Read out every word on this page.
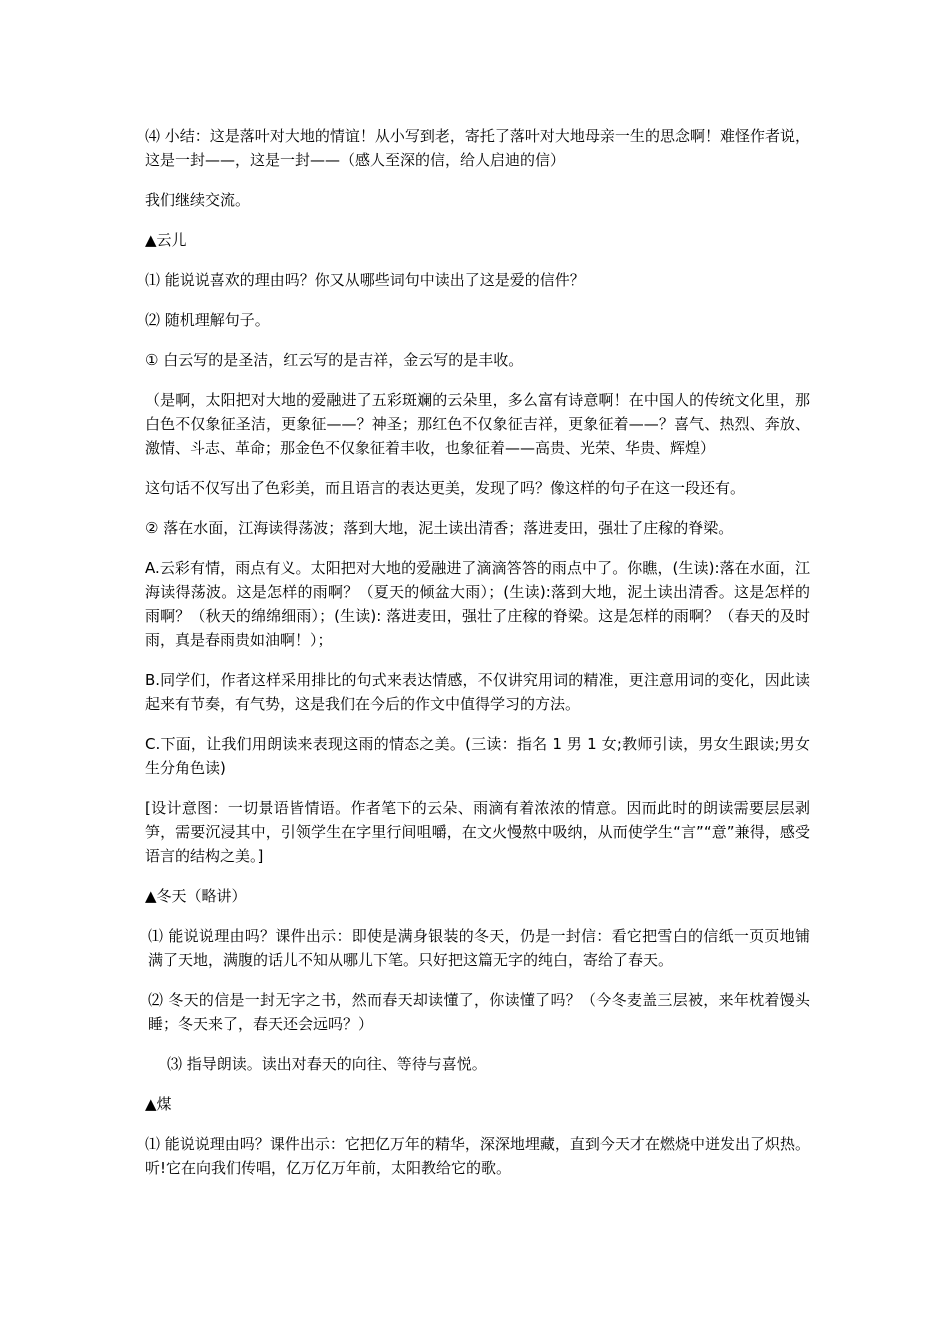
⑷ 小结：这是落叶对大地的情谊！从小写到老，寄托了落叶对大地母亲一生的思念啊！难怪作者说，这是一封——，这是一封——（感人至深的信，给人启迪的信）

我们继续交流。

▲云儿

⑴ 能说说喜欢的理由吗？你又从哪些词句中读出了这是爱的信件？

⑵ 随机理解句子。

① 白云写的是圣洁，红云写的是吉祥，金云写的是丰收。

（是啊，太阳把对大地的爱融进了五彩斑斓的云朵里，多么富有诗意啊！在中国人的传统文化里，那白色不仅象征圣洁，更象征——？神圣；那红色不仅象征吉祥，更象征着——？喜气、热烈、奔放、激情、斗志、革命；那金色不仅象征着丰收，也象征着——高贵、光荣、华贵、辉煌）

这句话不仅写出了色彩美，而且语言的表达更美，发现了吗？像这样的句子在这一段还有。

② 落在水面，江海读得荡波；落到大地，泥土读出清香；落进麦田，强壮了庄稼的脊梁。

A.云彩有情，雨点有义。太阳把对大地的爱融进了滴滴答答的雨点中了。你瞧，(生读):落在水面，江海读得荡波。这是怎样的雨啊？（夏天的倾盆大雨）；(生读):落到大地，泥土读出清香。这是怎样的雨啊？（秋天的绵绵细雨）；(生读): 落进麦田，强壮了庄稼的脊梁。这是怎样的雨啊？（春天的及时雨，真是春雨贵如油啊！）；

B.同学们，作者这样采用排比的句式来表达情感，不仅讲究用词的精准，更注意用词的变化，因此读起来有节奏，有气势，这是我们在今后的作文中值得学习的方法。

C.下面，让我们用朗读来表现这雨的情态之美。(三读：指名 1 男 1 女;教师引读，男女生跟读;男女生分角色读)

[设计意图：一切景语皆情语。作者笔下的云朵、雨滴有着浓浓的情意。因而此时的朗读需要层层剥笋，需要沉浸其中，引领学生在字里行间咀嚼，在文火慢熬中吸纳，从而使学生“言”“意”兼得，感受语言的结构之美。]

▲冬天（略讲）

⑴ 能说说理由吗？课件出示：即使是满身银装的冬天，仍是一封信：看它把雪白的信纸一页页地铺满了天地，满腹的话儿不知从哪儿下笔。只好把这篇无字的纯白，寄给了春天。

⑵ 冬天的信是一封无字之书，然而春天却读懂了，你读懂了吗？（今冬麦盖三层被，来年枕着馒头睡；冬天来了，春天还会远吗？）

⑶ 指导朗读。读出对春天的向往、等待与喜悦。

▲煤

⑴ 能说说理由吗？课件出示：它把亿万年的精华，深深地埋藏，直到今天才在燃烧中迸发出了炽热。听!它在向我们传唱，亿万亿万年前，太阳教给它的歌。
